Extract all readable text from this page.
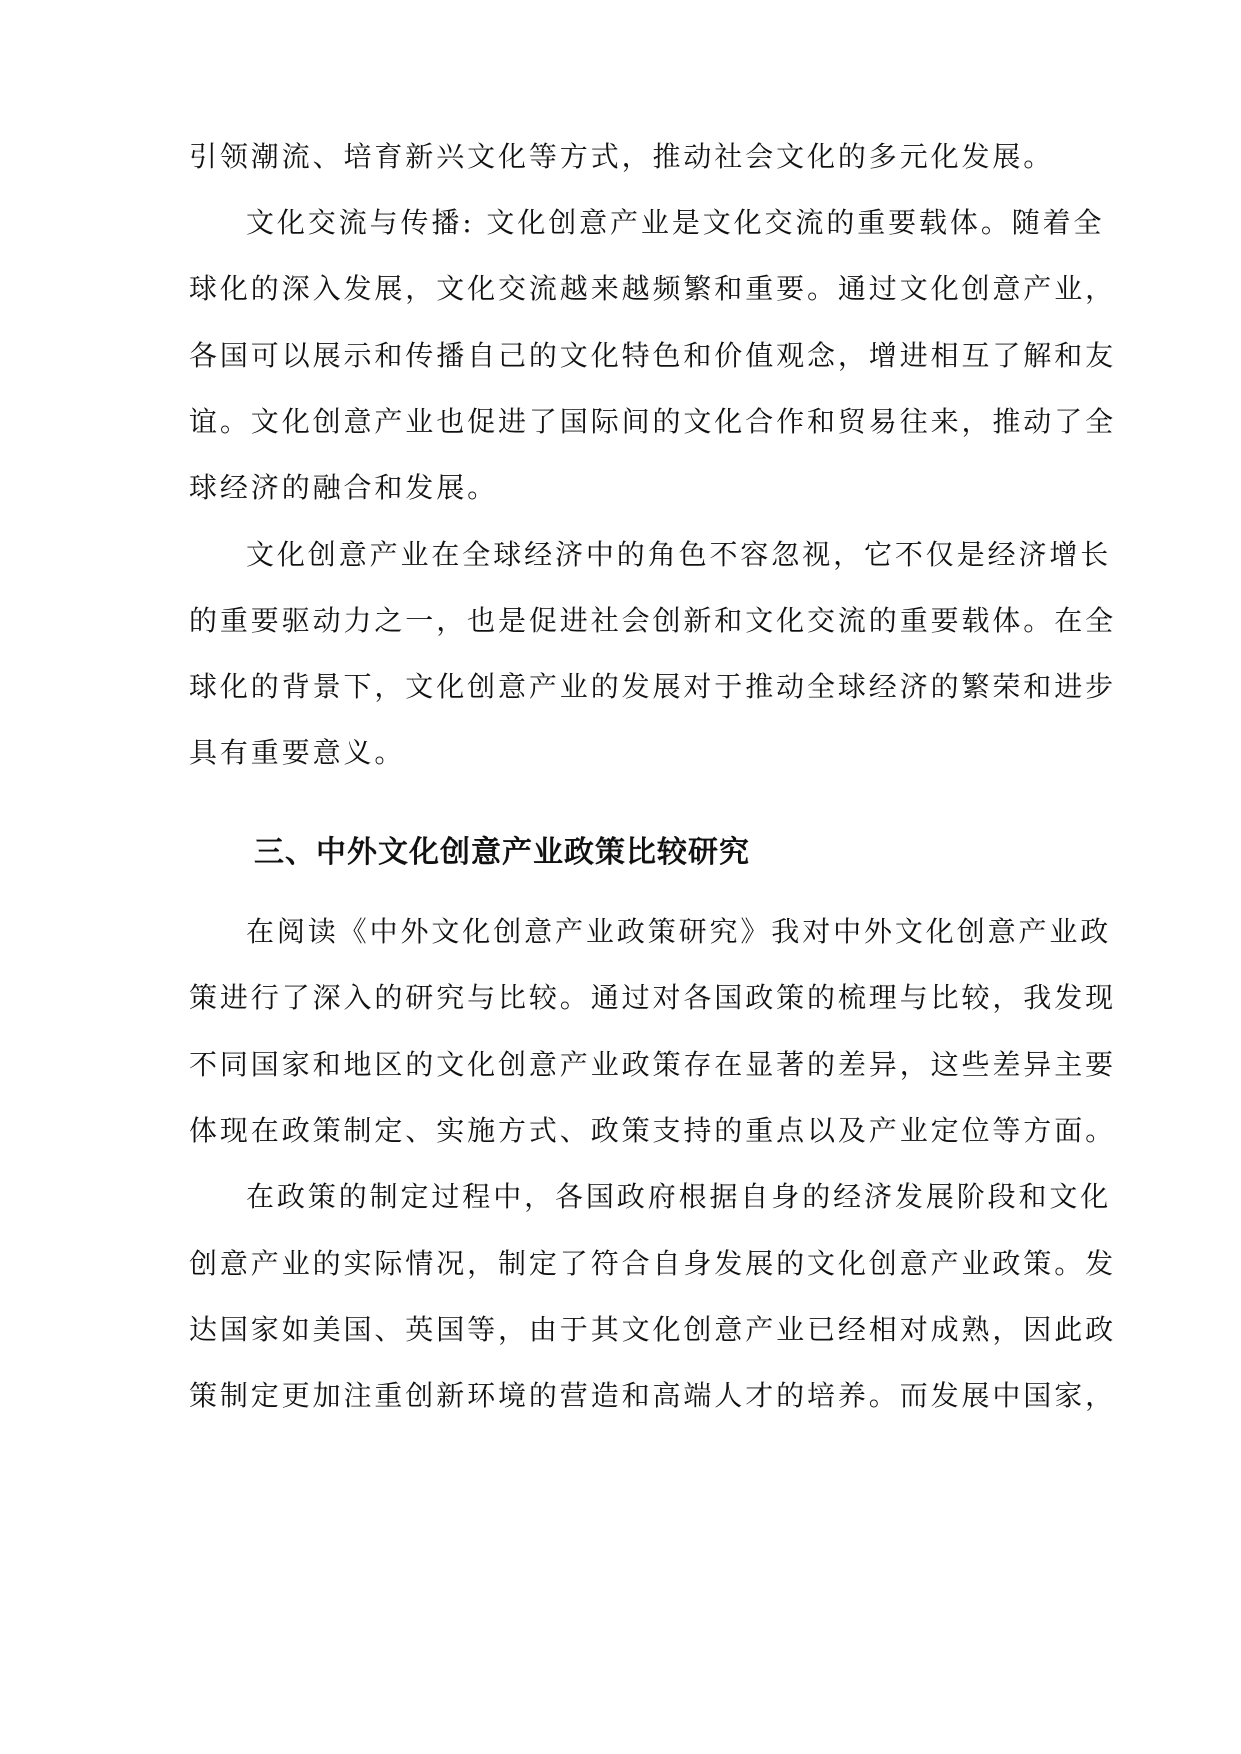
引领潮流、培育新兴文化等方式，推动社会文化的多元化发展。
文化交流与传播: 文化创意产业是文化交流的重要载体。随着全
球化的深入发展，文化交流越来越频繁和重要。通过文化创意产业，
各国可以展示和传播自己的文化特色和价值观念，增进相互了解和友
谊。文化创意产业也促进了国际间的文化合作和贸易往来，推动了全
球经济的融合和发展。
文化创意产业在全球经济中的角色不容忽视，它不仅是经济增长
的重要驱动力之一，也是促进社会创新和文化交流的重要载体。在全
球化的背景下，文化创意产业的发展对于推动全球经济的繁荣和进步
具有重要意义。
三、中外文化创意产业政策比较研究
在阅读《中外文化创意产业政策研究》我对中外文化创意产业政
策进行了深入的研究与比较。通过对各国政策的梳理与比较，我发现
不同国家和地区的文化创意产业政策存在显著的差异，这些差异主要
体现在政策制定、实施方式、政策支持的重点以及产业定位等方面。
在政策的制定过程中，各国政府根据自身的经济发展阶段和文化
创意产业的实际情况，制定了符合自身发展的文化创意产业政策。发
达国家如美国、英国等，由于其文化创意产业已经相对成熟，因此政
策制定更加注重创新环境的营造和高端人才的培养。而发展中国家，
